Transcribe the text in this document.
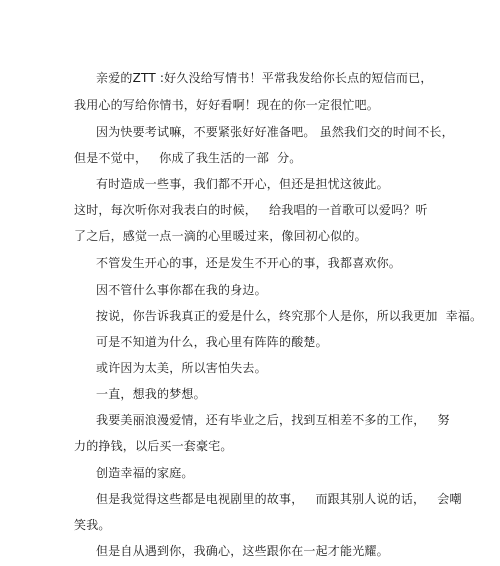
亲爱的ZTT :好久没给写情书！平常我发给你长点的短信而已，
我用心的写给你情书，好好看啊！现在的你一定很忙吧。
因为快要考试嘛，不要紧张好好准备吧。 虽然我们交的时间不长，
但是不觉中，   你成了我生活的一部  分。
有时造成一些事，我们都不开心，但还是担忧这彼此。
这时，每次听你对我表白的时候，   给我唱的一首歌可以爱吗？听
了之后，感觉一点一滴的心里暖过来，像回初心似的。
不管发生开心的事，还是发生不开心的事，我都喜欢你。
因不管什么事你都在我的身边。
按说，你告诉我真正的爱是什么，终究那个人是你，所以我更加  幸福。
可是不知道为什么，我心里有阵阵的酸楚。
或许因为太美，所以害怕失去。
一直，想我的梦想。
我要美丽浪漫爱情，还有毕业之后，找到互相差不多的工作，   努
力的挣钱，以后买一套豪宅。
创造幸福的家庭。
但是我觉得这些都是电视剧里的故事，   而跟其别人说的话，   会嘲
笑我。
但是自从遇到你，我确心，这些跟你在一起才能光耀。
